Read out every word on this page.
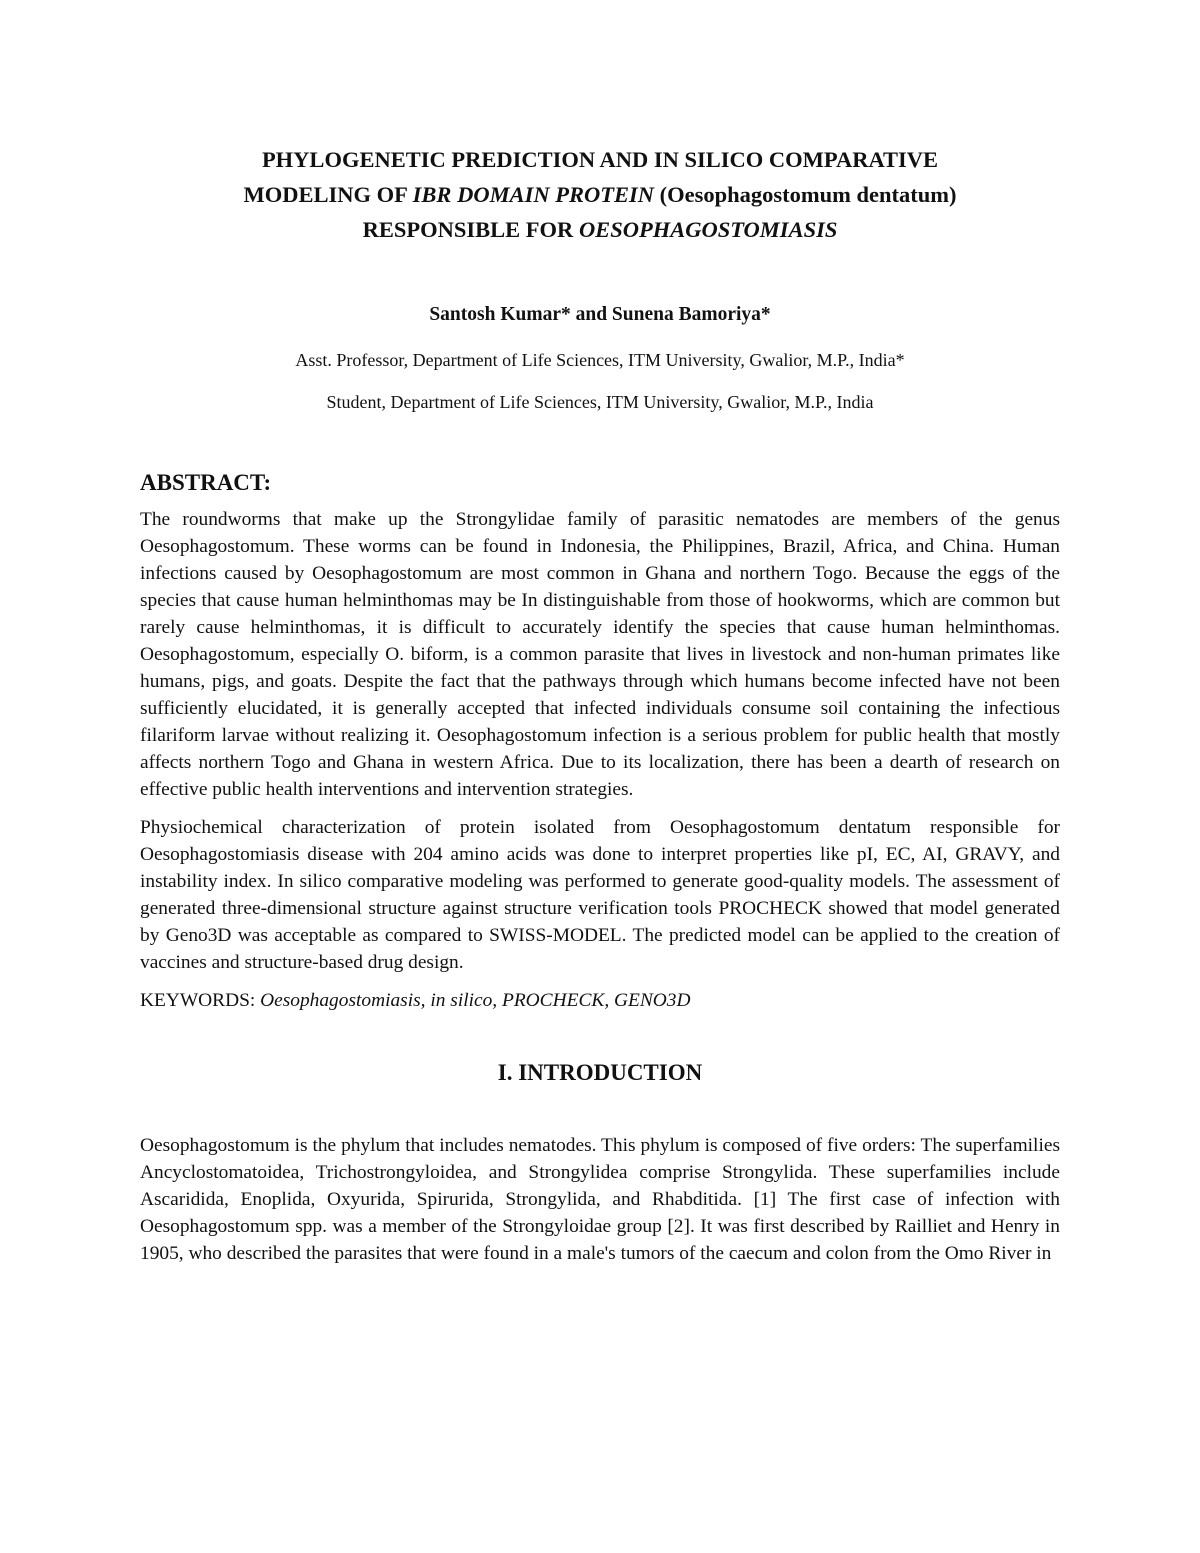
PHYLOGENETIC PREDICTION AND IN SILICO COMPARATIVE
MODELING OF IBR DOMAIN PROTEIN (Oesophagostomum dentatum)
RESPONSIBLE FOR OESOPHAGOSTOMIASIS

Santosh Kumar* and Sunena Bamoriya*

Asst. Professor, Department of Life Sciences, ITM University, Gwalior, M.P., India*

Student, Department of Life Sciences, ITM University, Gwalior, M.P., India

ABSTRACT:

The roundworms that make up the Strongylidae family of parasitic nematodes are members of the genus Oesophagostomum. These worms can be found in Indonesia, the Philippines, Brazil, Africa, and China. Human infections caused by Oesophagostomum are most common in Ghana and northern Togo. Because the eggs of the species that cause human helminthomas may be In distinguishable from those of hookworms, which are common but rarely cause helminthomas, it is difficult to accurately identify the species that cause human helminthomas. Oesophagostomum, especially O. biform, is a common parasite that lives in livestock and non-human primates like humans, pigs, and goats. Despite the fact that the pathways through which humans become infected have not been sufficiently elucidated, it is generally accepted that infected individuals consume soil containing the infectious filariform larvae without realizing it. Oesophagostomum infection is a serious problem for public health that mostly affects northern Togo and Ghana in western Africa. Due to its localization, there has been a dearth of research on effective public health interventions and intervention strategies.

Physiochemical characterization of protein isolated from Oesophagostomum dentatum responsible for Oesophagostomiasis disease with 204 amino acids was done to interpret properties like pI, EC, AI, GRAVY, and instability index. In silico comparative modeling was performed to generate good-quality models. The assessment of generated three-dimensional structure against structure verification tools PROCHECK showed that model generated by Geno3D was acceptable as compared to SWISS-MODEL. The predicted model can be applied to the creation of vaccines and structure-based drug design.

KEYWORDS: Oesophagostomiasis, in silico, PROCHECK, GENO3D

I. INTRODUCTION

Oesophagostomum is the phylum that includes nematodes. This phylum is composed of five orders: The superfamilies Ancyclostomatoidea, Trichostrongyloidea, and Strongylidea comprise Strongylida. These superfamilies include Ascaridida, Enoplida, Oxyurida, Spirurida, Strongylida, and Rhabditida. [1] The first case of infection with Oesophagostomum spp. was a member of the Strongyloidae group [2]. It was first described by Railliet and Henry in 1905, who described the parasites that were found in a male's tumors of the caecum and colon from the Omo River in
